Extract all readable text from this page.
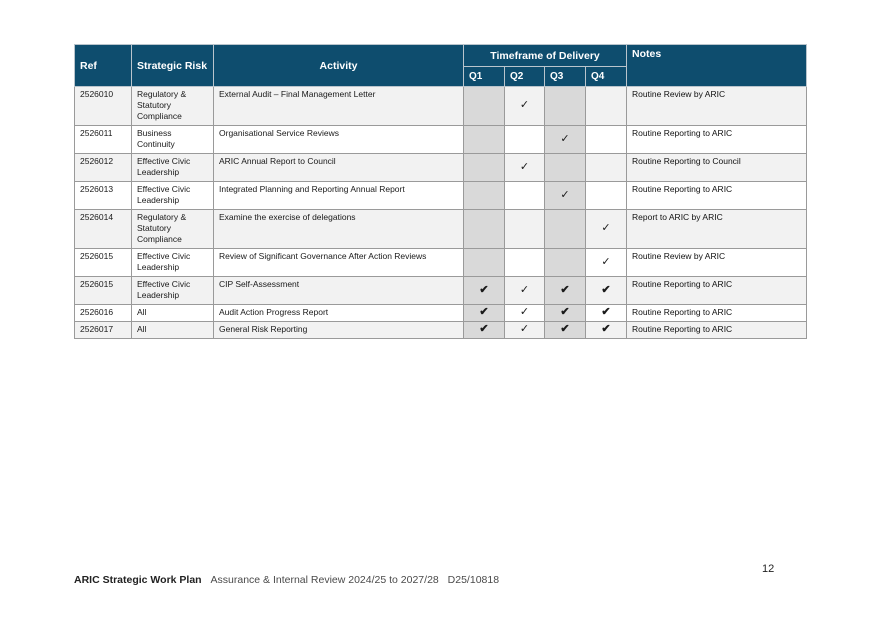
Ref	Strategic Risk	Activity	Timeframe of Delivery				Notes
			Q1	Q2	Q3	Q4	
2526010	Regulatory & Statutory Compliance	External Audit – Final Management Letter		✓			Routine Review by ARIC
2526011	Business Continuity	Organisational Service Reviews			✓		Routine Reporting to ARIC
2526012	Effective Civic Leadership	ARIC Annual Report to Council		✓			Routine Reporting to Council
2526013	Effective Civic Leadership	Integrated Planning and Reporting Annual Report			✓		Routine Reporting to ARIC
2526014	Regulatory & Statutory Compliance	Examine the exercise of delegations				✓	Report to ARIC by ARIC
2526015	Effective Civic Leadership	Review of Significant Governance After Action Reviews				✓	Routine Review by ARIC
2526015	Effective Civic Leadership	CIP Self-Assessment	✔	✓	✔	✔	Routine Reporting to ARIC
2526016	All	Audit Action Progress Report	✔	✓	✔	✔	Routine Reporting to ARIC
2526017	All	General Risk Reporting	✔	✓	✔	✔	Routine Reporting to ARIC
12
ARIC Strategic Work Plan Assurance & Internal Review 2024/25 to 2027/28 D25/10818
